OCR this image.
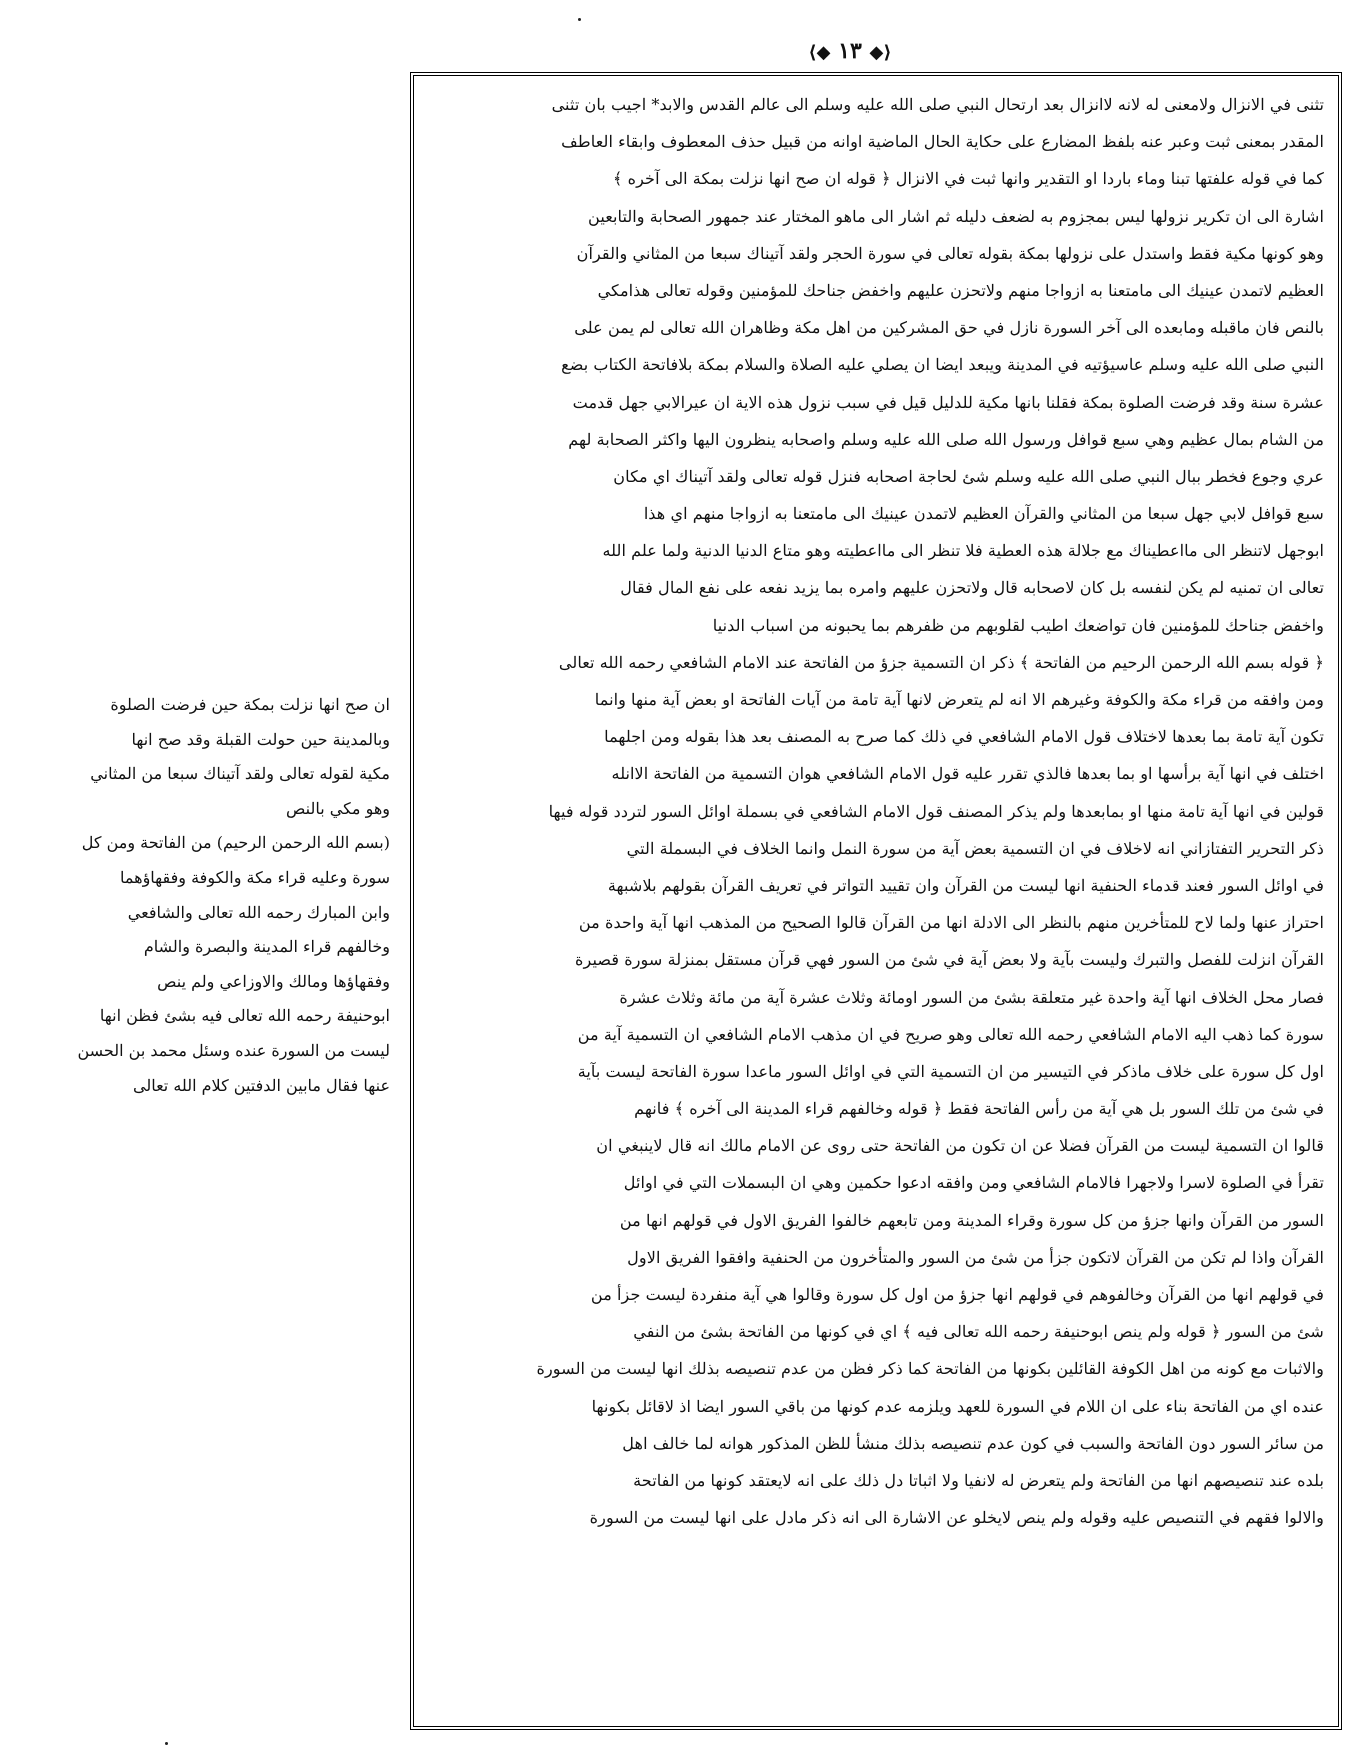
⟨◆ ١٣ ◆⟩
تثنى في الانزال ولامعنى له لانه لاانزال بعد ارتحال النبي صلى الله عليه وسلم الى عالم القدس والابد* اجيب بان تثنى
المقدر بمعنى ثبت وعبر عنه بلفظ المضارع على حكاية الحال الماضية اوانه من قبيل حذف المعطوف وابقاء العاطف
كما في قوله علفتها تبنا وماء باردا او التقدير وانها ثبت في الانزال ﴿ قوله ان صح انها نزلت بمكة الى آخره ﴾
اشارة الى ان تكرير نزولها ليس بمجزوم به لضعف دليله ثم اشار الى ماهو المختار عند جمهور الصحابة والتابعين
وهو كونها مكية فقط واستدل على نزولها بمكة بقوله تعالى في سورة الحجر ولقد آتيناك سبعا من المثاني والقرآن
العظيم لاتمدن عينيك الى مامتعنا به ازواجا منهم ولاتحزن عليهم واخفض جناحك للمؤمنين وقوله تعالى هذامكي
بالنص فان ماقبله ومابعده الى آخر السورة نازل في حق المشركين من اهل مكة وظاهران الله تعالى لم يمن على
النبي صلى الله عليه وسلم عاسيؤتيه في المدينة ويبعد ايضا ان يصلي عليه الصلاة والسلام بمكة بلافاتحة الكتاب بضع
عشرة سنة وقد فرضت الصلوة بمكة فقلنا بانها مكية للدليل قيل في سبب نزول هذه الاية ان عيرالابي جهل قدمت
من الشام بمال عظيم وهي سبع قوافل ورسول الله صلى الله عليه وسلم واصحابه ينظرون اليها واكثر الصحابة لهم
عري وجوع فخطر ببال النبي صلى الله عليه وسلم شئ لحاجة اصحابه فنزل قوله تعالى ولقد آتيناك اي مكان
سبع قوافل لابي جهل سبعا من المثاني والقرآن العظيم لاتمدن عينيك الى مامتعنا به ازواجا منهم اي هذا
ابوجهل لاتنظر الى مااعطيناك مع جلالة هذه العطية فلا تنظر الى مااعطيته وهو متاع الدنيا الدنية ولما علم الله
تعالى ان تمنيه لم يكن لنفسه بل كان لاصحابه قال ولاتحزن عليهم وامره بما يزيد نفعه على نفع المال فقال
واخفض جناحك للمؤمنين فان تواضعك اطيب لقلوبهم من ظفرهم بما يحبونه من اسباب الدنيا
﴿ قوله بسم الله الرحمن الرحيم من الفاتحة ﴾ ذكر ان التسمية جزؤ من الفاتحة عند الامام الشافعي رحمه الله تعالى
ومن وافقه من قراء مكة والكوفة وغيرهم الا انه لم يتعرض لانها آية تامة من آيات الفاتحة او بعض آية منها وانما
تكون آية تامة بما بعدها لاختلاف قول الامام الشافعي في ذلك كما صرح به المصنف بعد هذا بقوله ومن اجلهما
اختلف في انها آية برأسها او بما بعدها فالذي تقرر عليه قول الامام الشافعي هوان التسمية من الفاتحة الاانله
قولين في انها آية تامة منها او بمابعدها ولم يذكر المصنف قول الامام الشافعي في بسملة اوائل السور لتردد قوله فيها
ذكر التحرير التفتازاني انه لاخلاف في ان التسمية بعض آية من سورة النمل وانما الخلاف في البسملة التي
في اوائل السور فعند قدماء الحنفية انها ليست من القرآن وان تقييد التواتر في تعريف القرآن بقولهم بلاشبهة
احتراز عنها ولما لاح للمتأخرين منهم بالنظر الى الادلة انها من القرآن قالوا الصحيح من المذهب انها آية واحدة من
القرآن انزلت للفصل والتبرك وليست بآية ولا بعض آية في شئ من السور فهي قرآن مستقل بمنزلة سورة قصيرة
فصار محل الخلاف انها آية واحدة غير متعلقة بشئ من السور اومائة وثلاث عشرة آية من مائة وثلاث عشرة
سورة كما ذهب اليه الامام الشافعي رحمه الله تعالى وهو صريح في ان مذهب الامام الشافعي ان التسمية آية من
اول كل سورة على خلاف ماذكر في التيسير من ان التسمية التي في اوائل السور ماعدا سورة الفاتحة ليست بآية
في شئ من تلك السور بل هي آية من رأس الفاتحة فقط ﴿ قوله وخالفهم قراء المدينة الى آخره ﴾ فانهم
قالوا ان التسمية ليست من القرآن فضلا عن ان تكون من الفاتحة حتى روى عن الامام مالك انه قال لاينبغي ان
تقرأ في الصلوة لاسرا ولاجهرا فالامام الشافعي ومن وافقه ادعوا حكمين وهي ان البسملات التي في اوائل
السور من القرآن وانها جزؤ من كل سورة وقراء المدينة ومن تابعهم خالفوا الفريق الاول في قولهم انها من
القرآن واذا لم تكن من القرآن لاتكون جزأ من شئ من السور والمتأخرون من الحنفية وافقوا الفريق الاول
في قولهم انها من القرآن وخالفوهم في قولهم انها جزؤ من اول كل سورة وقالوا هي آية منفردة ليست جزأ من
شئ من السور ﴿ قوله ولم ينص ابوحنيفة رحمه الله تعالى فيه ﴾ اي في كونها من الفاتحة بشئ من النفي
والاثبات مع كونه من اهل الكوفة القائلين بكونها من الفاتحة كما ذكر فظن من عدم تنصيصه بذلك انها ليست من السورة
عنده اي من الفاتحة بناء على ان اللام في السورة للعهد ويلزمه عدم كونها من باقي السور ايضا اذ لاقائل بكونها
من سائر السور دون الفاتحة والسبب في كون عدم تنصيصه بذلك منشأ للظن المذكور هوانه لما خالف اهل
بلده عند تنصيصهم انها من الفاتحة ولم يتعرض له لانفيا ولا اثباتا دل ذلك على انه لايعتقد كونها من الفاتحة
والالوا فقهم في التنصيص عليه وقوله ولم ينص لايخلو عن الاشارة الى انه ذكر مادل على انها ليست من السورة
ان صح انها نزلت بمكة حين فرضت الصلوة
وبالمدينة حين حولت القبلة وقد صح انها
مكية لقوله تعالى ولقد آتيناك سبعا من المثاني
وهو مكي بالنص
(بسم الله الرحمن الرحيم) من الفاتحة ومن كل
سورة وعليه قراء مكة والكوفة وفقهاؤهما
وابن المبارك رحمه الله تعالى والشافعي
وخالفهم قراء المدينة والبصرة والشام
وفقهاؤها ومالك والاوزاعي ولم ينص
ابوحنيفة رحمه الله تعالى فيه بشئ فظن انها
ليست من السورة عنده وسئل محمد بن الحسن
عنها فقال مابين الدفتين كلام الله تعالى
